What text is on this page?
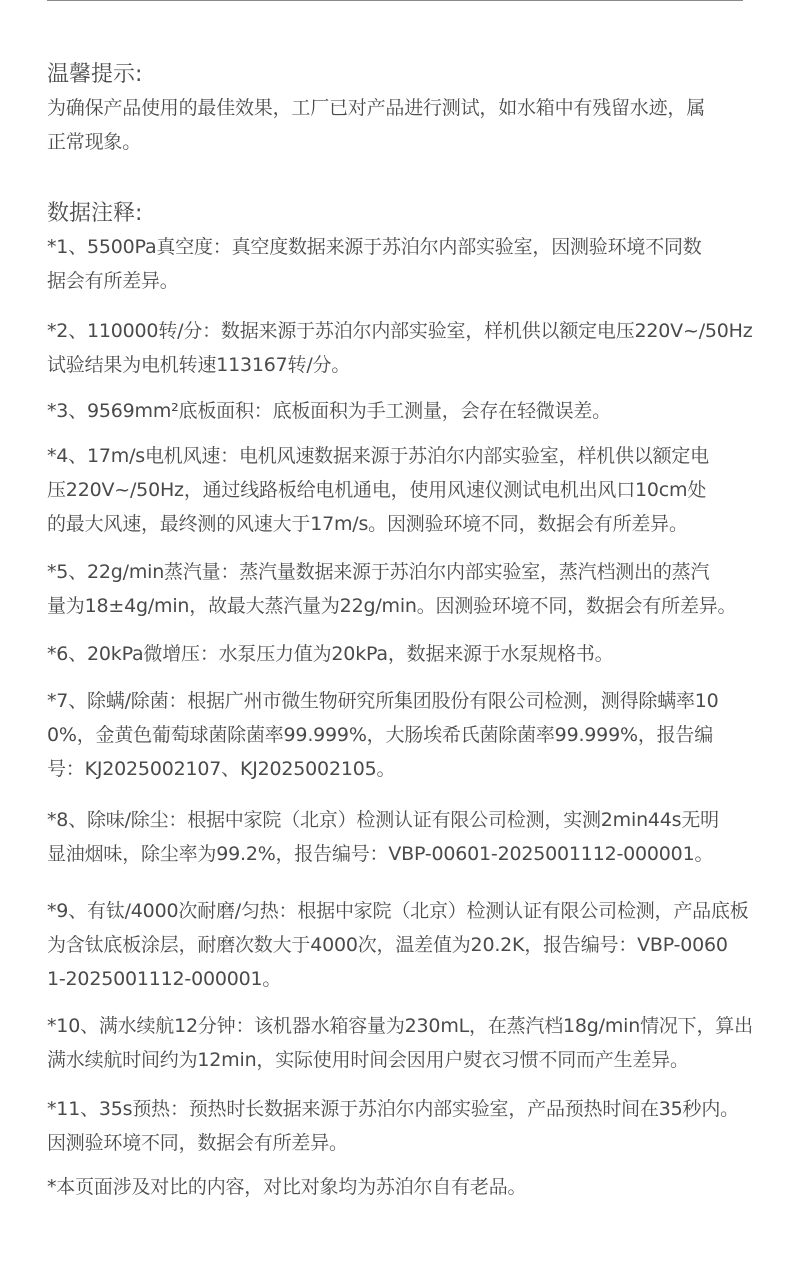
温馨提示:

为确保产品使用的最佳效果，工厂已对产品进行测试，如水箱中有残留水迹，属
正常现象。

数据注释:

*1、5500Pa真空度：真空度数据来源于苏泊尔内部实验室，因测验环境不同数
据会有所差异。

*2、110000转/分：数据来源于苏泊尔内部实验室，样机供以额定电压220V~/50Hz
试验结果为电机转速113167转/分。

*3、9569mm²底板面积：底板面积为手工测量，会存在轻微误差。

*4、17m/s电机风速：电机风速数据来源于苏泊尔内部实验室，样机供以额定电
压220V~/50Hz，通过线路板给电机通电，使用风速仪测试电机出风口10cm处
的最大风速，最终测的风速大于17m/s。因测验环境不同，数据会有所差异。

*5、22g/min蒸汽量：蒸汽量数据来源于苏泊尔内部实验室，蒸汽档测出的蒸汽
量为18±4g/min，故最大蒸汽量为22g/min。因测验环境不同，数据会有所差异。

*6、20kPa微增压：水泵压力值为20kPa，数据来源于水泵规格书。

*7、除螨/除菌：根据广州市微生物研究所集团股份有限公司检测，测得除螨率10
0%，金黄色葡萄球菌除菌率99.999%，大肠埃希氏菌除菌率99.999%，报告编
号：KJ2025002107、KJ2025002105。

*8、除味/除尘：根据中家院（北京）检测认证有限公司检测，实测2min44s无明
显油烟味，除尘率为99.2%，报告编号：VBP-00601-2025001112-000001。

*9、有钛/4000次耐磨/匀热：根据中家院（北京）检测认证有限公司检测，产品底板
为含钛底板涂层，耐磨次数大于4000次，温差值为20.2K，报告编号：VBP-0060
1-2025001112-000001。

*10、满水续航12分钟：该机器水箱容量为230mL，在蒸汽档18g/min情况下，算出
满水续航时间约为12min，实际使用时间会因用户熨衣习惯不同而产生差异。

*11、35s预热：预热时长数据来源于苏泊尔内部实验室，产品预热时间在35秒内。
因测验环境不同，数据会有所差异。

*本页面涉及对比的内容，对比对象均为苏泊尔自有老品。
